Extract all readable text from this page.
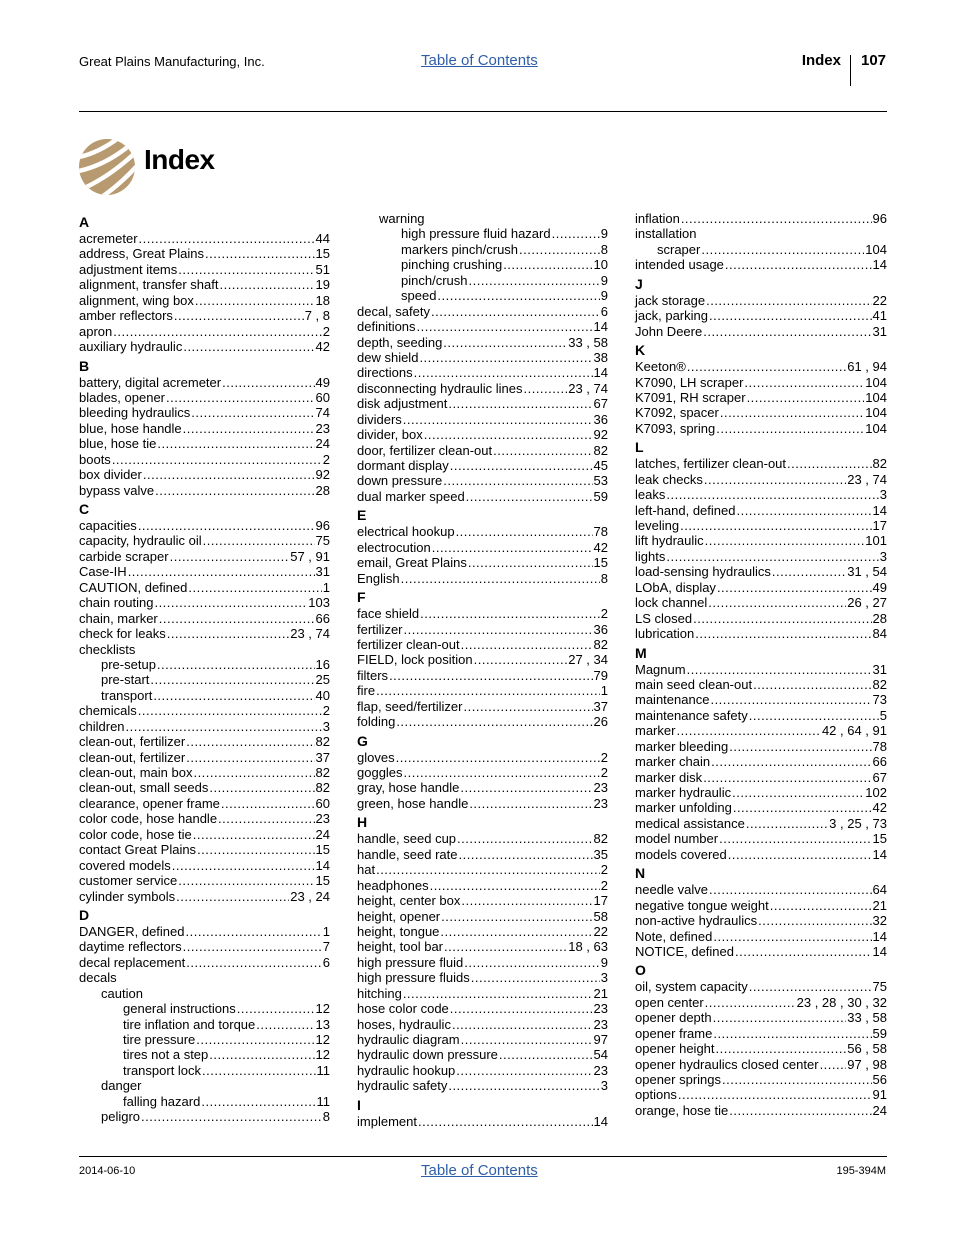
Great Plains Manufacturing, Inc.	Table of Contents	Index 107
Index
A
acremeter .....	44
address, Great Plains .....	15
adjustment items .....	51
alignment, transfer shaft .....	19
alignment, wing box .....	18
amber reflectors .....	7 , 8
apron .....	2
auxiliary hydraulic .....	42
B
battery, digital acremeter .....	49
blades, opener .....	60
bleeding hydraulics .....	74
blue, hose handle .....	23
blue, hose tie .....	24
boots .....	2
box divider .....	92
bypass valve .....	28
C
capacities .....	96
capacity, hydraulic oil .....	75
carbide scraper .....	57 , 91
Case-IH .....	31
CAUTION, defined .....	1
chain routing .....	103
chain, marker .....	66
check for leaks .....	23 , 74
checklists
pre-setup .....	16
pre-start .....	25
transport .....	40
chemicals .....	2
children .....	3
clean-out, fertilizer .....	82
clean-out, fertilizer .....	37
clean-out, main box .....	82
clean-out, small seeds .....	82
clearance, opener frame .....	60
color code, hose handle .....	23
color code, hose tie .....	24
contact Great Plains .....	15
covered models .....	14
customer service .....	15
cylinder symbols .....	23 , 24
D
DANGER, defined .....	1
daytime reflectors .....	7
decal replacement .....	6
decals
caution
general instructions .....	12
tire inflation and torque .....	13
tire pressure .....	12
tires not a step .....	12
transport lock .....	11
danger
falling hazard .....	11
peligro .....	8
warning
high pressure fluid hazard .....	9
markers pinch/crush .....	8
pinching crushing .....	10
pinch/crush .....	9
speed .....	9
decal, safety .....	6
definitions .....	14
depth, seeding .....	33 , 58
dew shield .....	38
directions .....	14
disconnecting hydraulic lines .....	23 , 74
disk adjustment .....	67
dividers .....	36
divider, box .....	92
door, fertilizer clean-out .....	82
dormant display .....	45
down pressure .....	53
dual marker speed .....	59
E
electrical hookup .....	78
electrocution .....	42
email, Great Plains .....	15
English .....	8
F
face shield .....	2
fertilizer .....	36
fertilizer clean-out .....	82
FIELD, lock position .....	27 , 34
filters .....	79
fire .....	1
flap, seed/fertilizer .....	37
folding .....	26
G
gloves .....	2
goggles .....	2
gray, hose handle .....	23
green, hose handle .....	23
H
handle, seed cup .....	82
handle, seed rate .....	35
hat .....	2
headphones .....	2
height, center box .....	17
height, opener .....	58
height, tongue .....	22
height, tool bar .....	18 , 63
high pressure fluid .....	9
high pressure fluids .....	3
hitching .....	21
hose color code .....	23
hoses, hydraulic .....	23
hydraulic diagram .....	97
hydraulic down pressure .....	54
hydraulic hookup .....	23
hydraulic safety .....	3
I
implement .....	14
inflation .....	96
installation
scraper .....	104
intended usage .....	14
J
jack storage .....	22
jack, parking .....	41
John Deere .....	31
K
Keeton® .....	61 , 94
K7090, LH scraper .....	104
K7091, RH scraper .....	104
K7092, spacer .....	104
K7093, spring .....	104
L
latches, fertilizer clean-out .....	82
leak checks .....	23 , 74
leaks .....	3
left-hand, defined .....	14
leveling .....	17
lift hydraulic .....	101
lights .....	3
load-sensing hydraulics .....	31 , 54
LObA, display .....	49
lock channel .....	26 , 27
LS closed .....	28
lubrication .....	84
M
Magnum .....	31
main seed clean-out .....	82
maintenance .....	73
maintenance safety .....	5
marker .....	42 , 64 , 91
marker bleeding .....	78
marker chain .....	66
marker disk .....	67
marker hydraulic .....	102
marker unfolding .....	42
medical assistance .....	3 , 25 , 73
model number .....	15
models covered .....	14
N
needle valve .....	64
negative tongue weight .....	21
non-active hydraulics .....	32
Note, defined .....	14
NOTICE, defined .....	14
O
oil, system capacity .....	75
open center .....	23 , 28 , 30 , 32
opener depth .....	33 , 58
opener frame .....	59
opener height .....	56 , 58
opener hydraulics closed center ..... 97 , 98
opener springs .....	56
options .....	91
orange, hose tie .....	24
2014-06-10	Table of Contents	195-394M
